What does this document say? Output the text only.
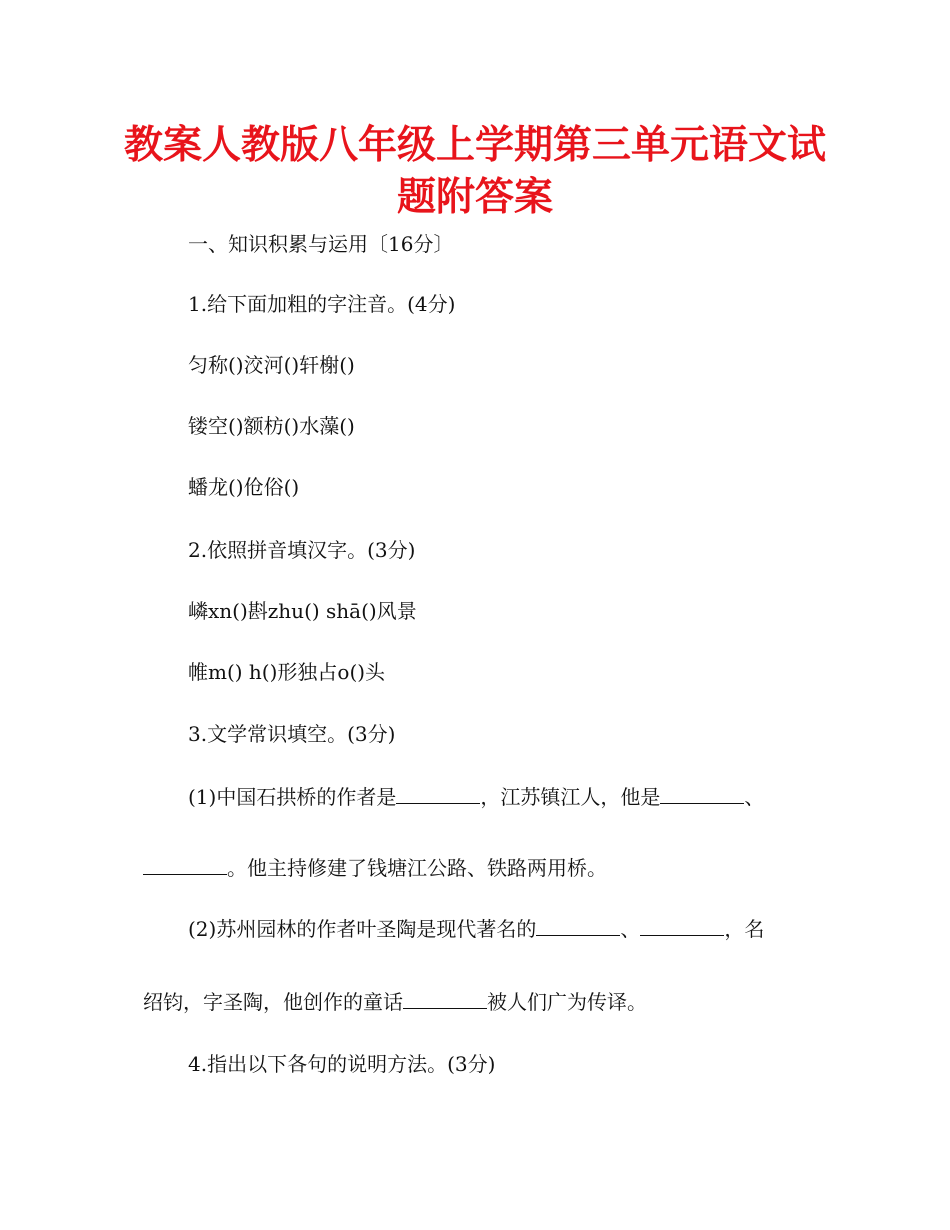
教案人教版八年级上学期第三单元语文试
题附答案

一、知识积累与运用〔16分〕

1.给下面加粗的字注音。(4分)

匀称()洨河()轩榭()

镂空()额枋()水藻()

蟠龙()伧俗()

2.依照拼音填汉字。(3分)

嶙xn()斟zhu() shā()风景

帷m() h()形独占o()头

3.文学常识填空。(3分)

(1)中国石拱桥的作者是	，江苏镇江人，他是	、

。他主持修建了钱塘江公路、铁路两用桥。

(2)苏州园林的作者叶圣陶是现代著名的	、	，名

绍钧，字圣陶，他创作的童话	被人们广为传译。

4.指出以下各句的说明方法。(3分)
